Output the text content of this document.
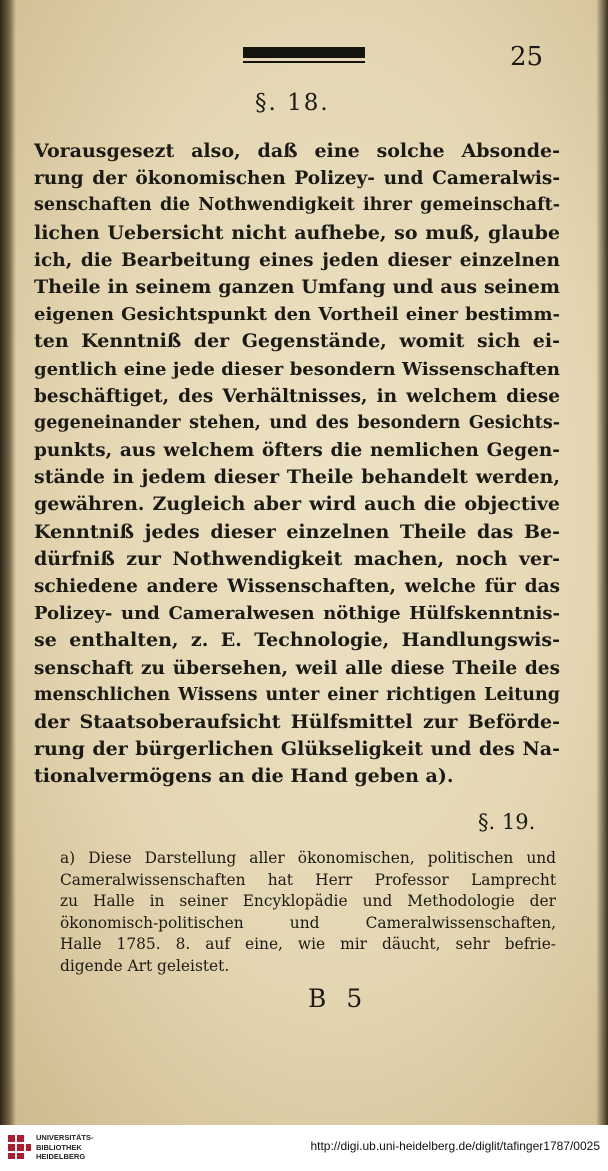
25
§. 18.
Vorausgesezt also, daß eine solche Absonde-
rung der ökonomischen Polizey- und Cameralwis-
senschaften die Nothwendigkeit ihrer gemeinschaft-
lichen Uebersicht nicht aufhebe, so muß, glaube
ich, die Bearbeitung eines jeden dieser einzelnen
Theile in seinem ganzen Umfang und aus seinem
eigenen Gesichtspunkt den Vortheil einer bestimm-
ten Kenntniß der Gegenstände, womit sich ei-
gentlich eine jede dieser besondern Wissenschaften
beschäftiget, des Verhältnisses, in welchem diese
gegeneinander stehen, und des besondern Gesichts-
punkts, aus welchem öfters die nemlichen Gegen-
stände in jedem dieser Theile behandelt werden,
gewähren. Zugleich aber wird auch die objective
Kenntniß jedes dieser einzelnen Theile das Be-
dürfniß zur Nothwendigkeit machen, noch ver-
schiedene andere Wissenschaften, welche für das
Polizey- und Cameralwesen nöthige Hülfskenntnis-
se enthalten, z. E. Technologie, Handlungswis-
senschaft zu übersehen, weil alle diese Theile des
menschlichen Wissens unter einer richtigen Leitung
der Staatsoberaufsicht Hülfsmittel zur Beförde-
rung der bürgerlichen Glükseligkeit und des Na-
tionalvermögens an die Hand geben a).
§. 19.
a) Diese Darstellung aller ökonomischen, politischen und
Cameralwissenschaften hat Herr Professor Lamprecht
zu Halle in seiner Encyklopädie und Methodologie der
ökonomisch-politischen und Cameralwissenschaften,
Halle 1785. 8. auf eine, wie mir däucht, sehr befrie-
digende Art geleistet.
B 5
UNIVERSITÄTS-
BIBLIOTHEK
HEIDELBERG
http://digi.ub.uni-heidelberg.de/diglit/tafinger1787/0025
